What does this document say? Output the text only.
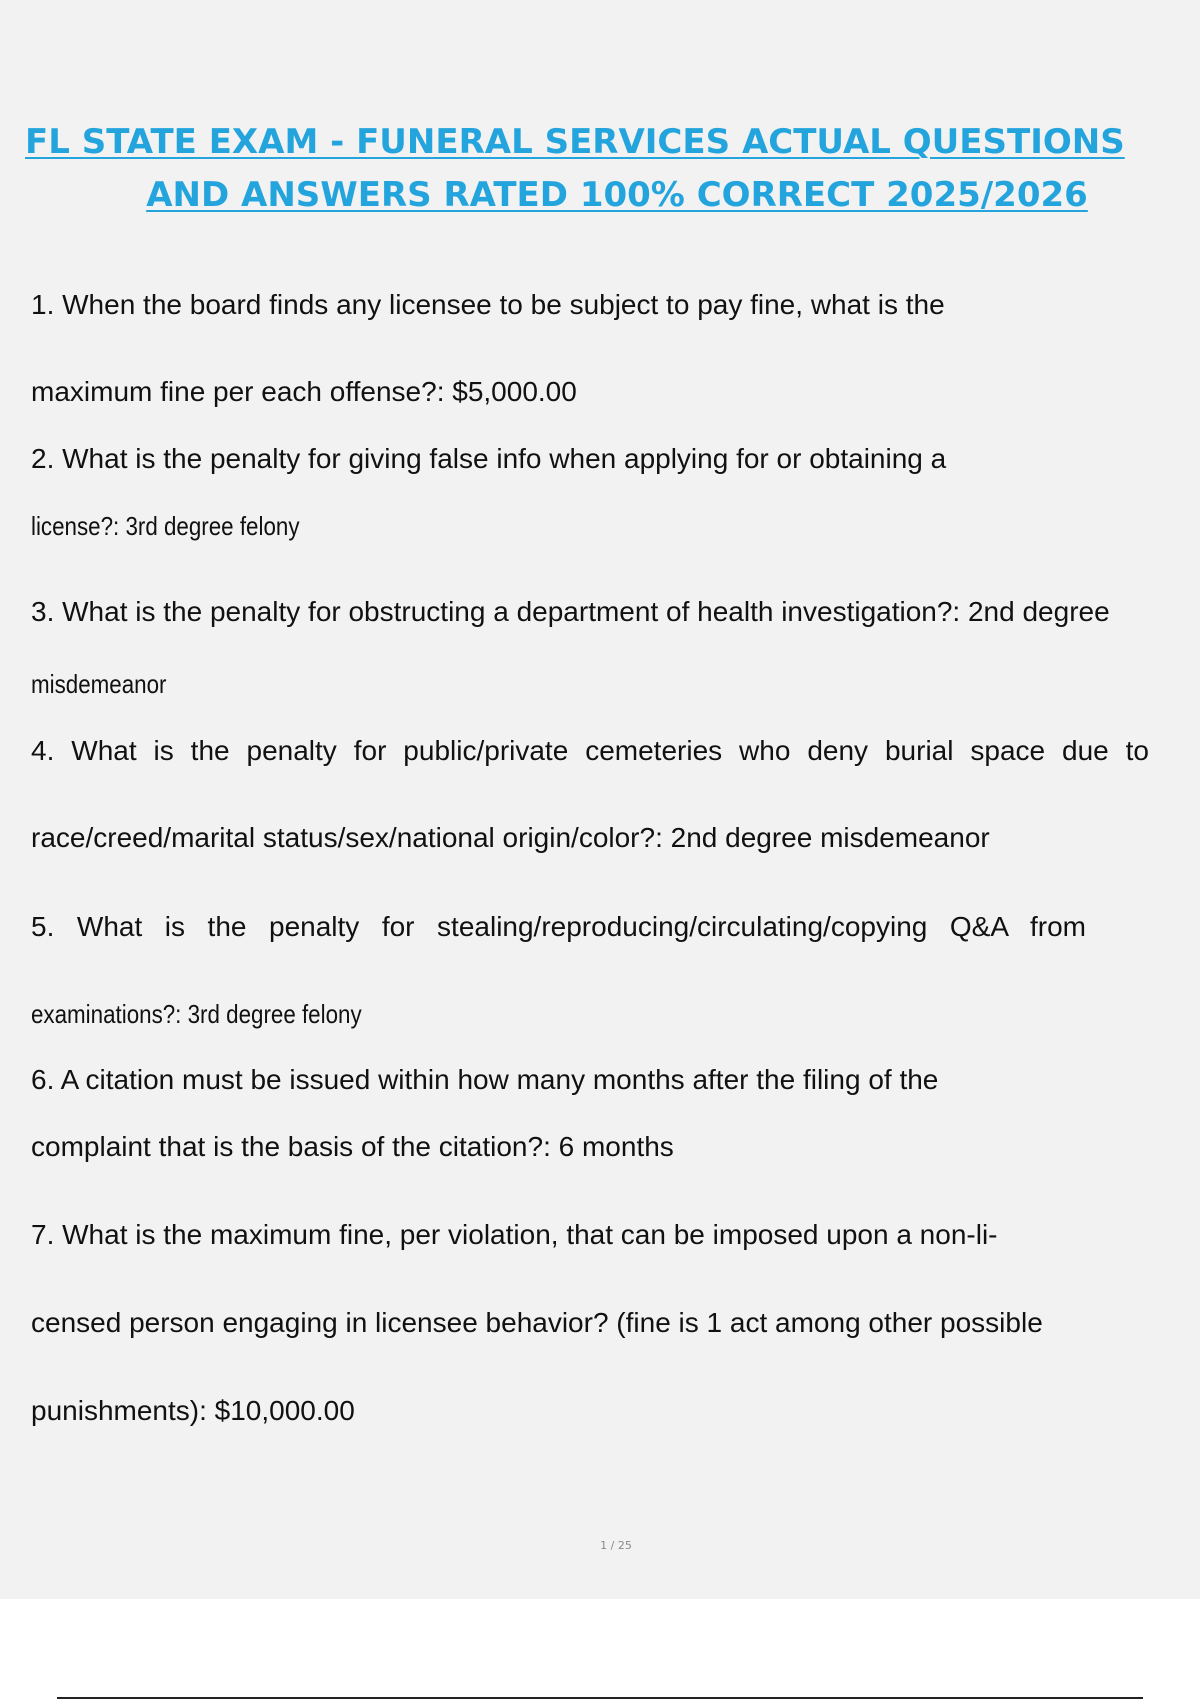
FL STATE EXAM - FUNERAL SERVICES ACTUAL QUESTIONS
AND ANSWERS RATED 100% CORRECT 2025/2026
1. When the board finds any licensee to be subject to pay fine, what is the
maximum fine per each offense?: $5,000.00
2. What is the penalty for giving false info when applying for or obtaining a
license?: 3rd degree felony
3. What is the penalty for obstructing a department of health investigation?: 2nd degree
misdemeanor
4. What is the penalty for public/private cemeteries who deny burial space due to
race/creed/marital status/sex/national origin/color?: 2nd degree misdemeanor
5. What is the penalty for stealing/reproducing/circulating/copying Q&A from
examinations?: 3rd degree felony
6. A citation must be issued within how many months after the filing of the
complaint that is the basis of the citation?: 6 months
7. What is the maximum fine, per violation, that can be imposed upon a non-li-
censed person engaging in licensee behavior? (fine is 1 act among other possible
punishments): $10,000.00
1 / 25
